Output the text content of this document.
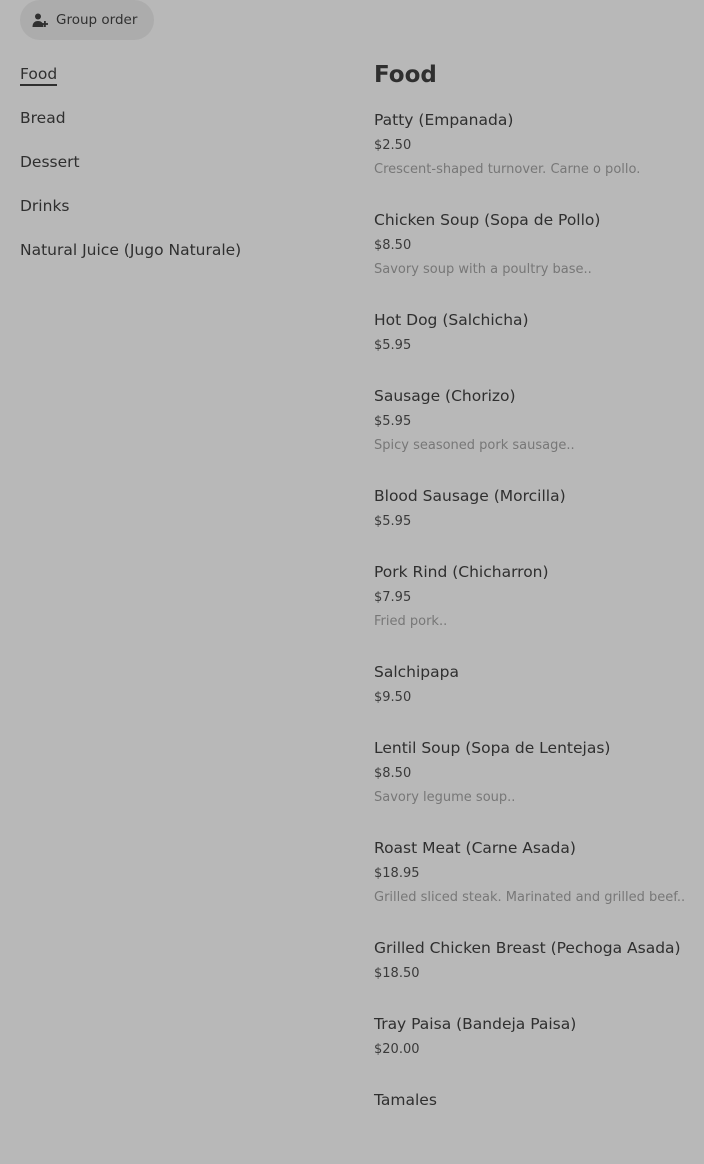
Group order
Food
Bread
Dessert
Drinks
Natural Juice (Jugo Naturale)
Food
Patty (Empanada)
$2.50
Crescent-shaped turnover. Carne o pollo.
Chicken Soup (Sopa de Pollo)
$8.50
Savory soup with a poultry base..
Hot Dog (Salchicha)
$5.95
Sausage (Chorizo)
$5.95
Spicy seasoned pork sausage..
Blood Sausage (Morcilla)
$5.95
Pork Rind (Chicharron)
$7.95
Fried pork..
Salchipapa
$9.50
Lentil Soup (Sopa de Lentejas)
$8.50
Savory legume soup..
Roast Meat (Carne Asada)
$18.95
Grilled sliced steak. Marinated and grilled beef..
Grilled Chicken Breast (Pechoga Asada)
$18.50
Tray Paisa (Bandeja Paisa)
$20.00
Tamales
